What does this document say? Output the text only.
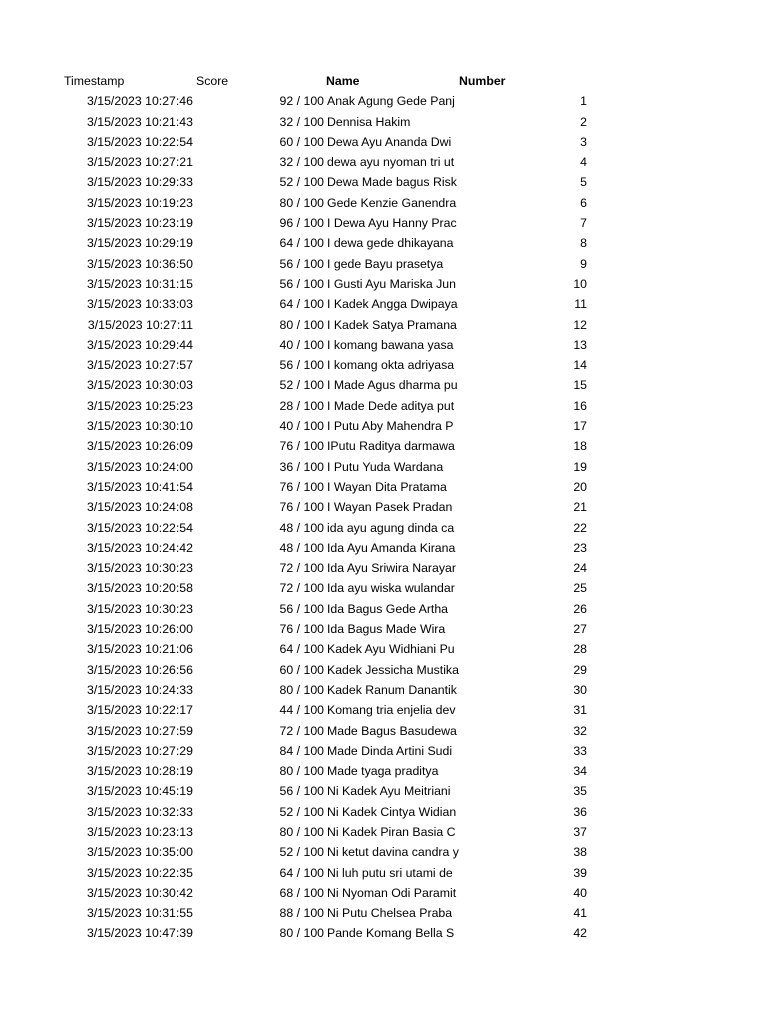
Timestamp	Score	Name	Number
3/15/2023 10:27:46	92 / 100 Anak Agung Gede Panj	1
3/15/2023 10:21:43	32 / 100 Dennisa Hakim	2
3/15/2023 10:22:54	60 / 100 Dewa Ayu Ananda Dwi	3
3/15/2023 10:27:21	32 / 100 dewa ayu nyoman tri ut	4
3/15/2023 10:29:33	52 / 100 Dewa Made bagus Risk	5
3/15/2023 10:19:23	80 / 100 Gede Kenzie Ganendra	6
3/15/2023 10:23:19	96 / 100 I Dewa Ayu Hanny Prac	7
3/15/2023 10:29:19	64 / 100 I dewa gede dhikayana	8
3/15/2023 10:36:50	56 / 100 I gede Bayu prasetya	9
3/15/2023 10:31:15	56 / 100 I Gusti Ayu Mariska Jun	10
3/15/2023 10:33:03	64 / 100 I Kadek Angga Dwipaya	11
3/15/2023 10:27:11	80 / 100 I Kadek Satya Pramana	12
3/15/2023 10:29:44	40 / 100 I komang bawana yasa	13
3/15/2023 10:27:57	56 / 100 I komang okta adriyasa	14
3/15/2023 10:30:03	52 / 100 I Made Agus dharma pu	15
3/15/2023 10:25:23	28 / 100 I Made Dede aditya put	16
3/15/2023 10:30:10	40 / 100 I Putu Aby Mahendra P	17
3/15/2023 10:26:09	76 / 100 IPutu Raditya darmawa	18
3/15/2023 10:24:00	36 / 100 I Putu Yuda Wardana	19
3/15/2023 10:41:54	76 / 100 I Wayan Dita Pratama	20
3/15/2023 10:24:08	76 / 100 I Wayan Pasek Pradan	21
3/15/2023 10:22:54	48 / 100 ida ayu agung dinda ca	22
3/15/2023 10:24:42	48 / 100 Ida Ayu Amanda Kirana	23
3/15/2023 10:30:23	72 / 100 Ida Ayu Sriwira Narayar	24
3/15/2023 10:20:58	72 / 100 Ida ayu wiska wulandar	25
3/15/2023 10:30:23	56 / 100 Ida Bagus Gede Artha	26
3/15/2023 10:26:00	76 / 100 Ida Bagus Made Wira	27
3/15/2023 10:21:06	64 / 100 Kadek Ayu Widhiani Pu	28
3/15/2023 10:26:56	60 / 100 Kadek Jessicha Mustika	29
3/15/2023 10:24:33	80 / 100 Kadek Ranum Danantik	30
3/15/2023 10:22:17	44 / 100 Komang tria enjelia dev	31
3/15/2023 10:27:59	72 / 100 Made Bagus Basudewa	32
3/15/2023 10:27:29	84 / 100 Made Dinda Artini Sudi	33
3/15/2023 10:28:19	80 / 100 Made tyaga praditya	34
3/15/2023 10:45:19	56 / 100 Ni Kadek Ayu Meitriani	35
3/15/2023 10:32:33	52 / 100 Ni Kadek Cintya Widian	36
3/15/2023 10:23:13	80 / 100 Ni Kadek Piran Basia C	37
3/15/2023 10:35:00	52 / 100 Ni ketut davina candra y	38
3/15/2023 10:22:35	64 / 100 Ni luh putu sri utami de	39
3/15/2023 10:30:42	68 / 100 Ni Nyoman Odi Paramit	40
3/15/2023 10:31:55	88 / 100 Ni Putu Chelsea Praba	41
3/15/2023 10:47:39	80 / 100 Pande Komang Bella S	42
